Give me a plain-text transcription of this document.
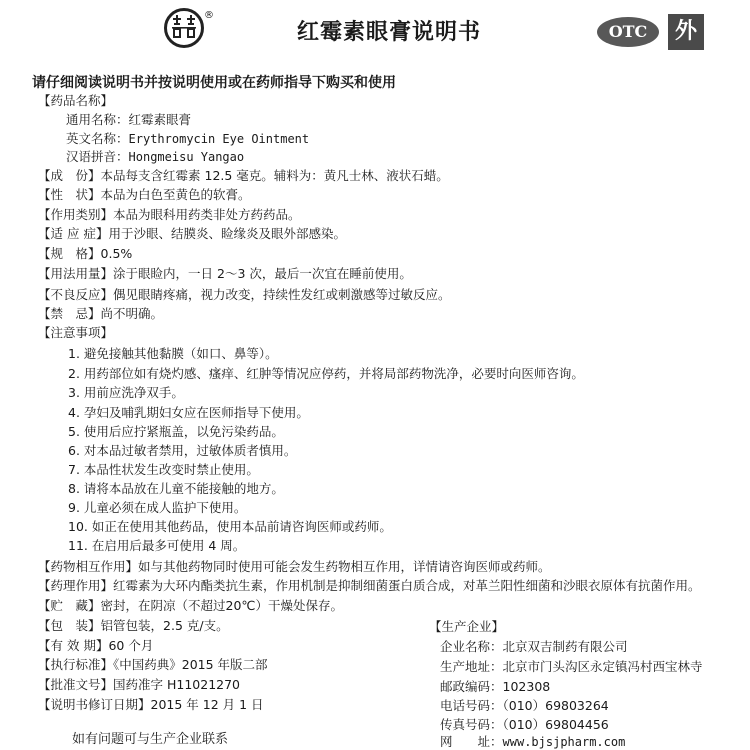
®
红霉素眼膏说明书	OTC	外
请仔细阅读说明书并按说明使用或在药师指导下购买和使用
【药品名称】
通用名称：红霉素眼膏
英文名称：Erythromycin Eye Ointment
汉语拼音：Hongmeisu Yangao
【成　份】本品每支含红霉素 12.5 毫克。辅料为：黄凡士林、液状石蜡。
【性　状】本品为白色至黄色的软膏。
【作用类别】本品为眼科用药类非处方药药品。
【适 应 症】用于沙眼、结膜炎、睑缘炎及眼外部感染。
【规　格】0.5%
【用法用量】涂于眼睑内，一日 2～3 次，最后一次宜在睡前使用。
【不良反应】偶见眼睛疼痛，视力改变，持续性发红或刺激感等过敏反应。
【禁　忌】尚不明确。
【注意事项】
1. 避免接触其他黏膜（如口、鼻等）。
2. 用药部位如有烧灼感、瘙痒、红肿等情况应停药，并将局部药物洗净，必要时向医师咨询。
3. 用前应洗净双手。
4. 孕妇及哺乳期妇女应在医师指导下使用。
5. 使用后应拧紧瓶盖，以免污染药品。
6. 对本品过敏者禁用，过敏体质者慎用。
7. 本品性状发生改变时禁止使用。
8. 请将本品放在儿童不能接触的地方。
9. 儿童必须在成人监护下使用。
10. 如正在使用其他药品，使用本品前请咨询医师或药师。
11. 在启用后最多可使用 4 周。
【药物相互作用】如与其他药物同时使用可能会发生药物相互作用，详情请咨询医师或药师。
【药理作用】红霉素为大环内酯类抗生素，作用机制是抑制细菌蛋白质合成，对革兰阳性细菌和沙眼衣原体有抗菌作用。
【贮　藏】密封，在阴凉（不超过20℃）干燥处保存。
【包　装】铝管包装，2.5 克/支。
【有 效 期】60 个月
【执行标准】《中国药典》2015 年版二部
【批准文号】国药准字 H11021270
【说明书修订日期】2015 年 12 月 1 日
【生产企业】
企业名称：北京双吉制药有限公司
生产地址：北京市门头沟区永定镇冯村西宝林寺
邮政编码：102308
电话号码：（010）69803264
传真号码：（010）69804456
网　　址：www.bjsjpharm.com
如有问题可与生产企业联系
